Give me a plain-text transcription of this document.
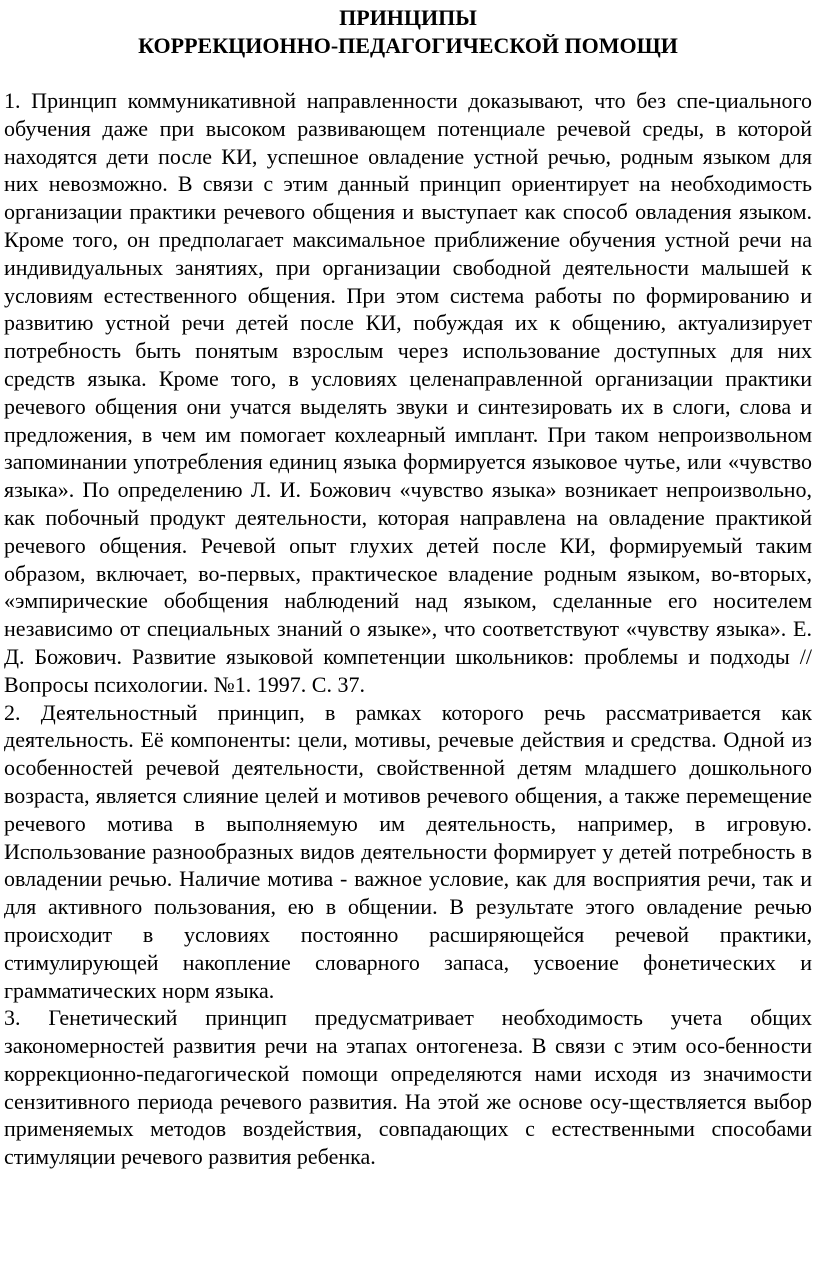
ПРИНЦИПЫ
КОРРЕКЦИОННО-ПЕДАГОГИЧЕСКОЙ ПОМОЩИ

1. Принцип коммуникативной направленности доказывают, что без спе-циального обучения даже при высоком развивающем потенциале речевой среды, в которой находятся дети после КИ, успешное овладение устной речью, родным языком для них невозможно. В связи с этим данный принцип ориентирует на необходимость организации практики речевого общения и выступает как способ овладения языком. Кроме того, он предполагает максимальное приближение обучения устной речи на индивидуальных занятиях, при организации свободной деятельности малышей к условиям естественного общения. При этом система работы по формированию и развитию устной речи детей после КИ, побуждая их к общению, актуализирует потребность быть понятым взрослым через использование доступных для них средств языка. Кроме того, в условиях целенаправленной организации практики речевого общения они учатся выделять звуки и синтезировать их в слоги, слова и предложения, в чем им помогает кохлеарный имплант. При таком непроизвольном запоминании употребления единиц языка формируется языковое чутье, или «чувство языка». По определению Л. И. Божович «чувство языка» возникает непроизвольно, как побочный продукт деятельности, которая направлена на овладение практикой речевого общения. Речевой опыт глухих детей после КИ, формируемый таким образом, включает, во-первых, практическое владение родным языком, во-вторых, «эмпирические обобщения наблюдений над языком, сделанные его носителем независимо от специальных знаний о языке», что соответствуют «чувству языка». Е. Д. Божович. Развитие языковой компетенции школьников: проблемы и подходы //Вопросы психологии. №1. 1997. С. 37.

2. Деятельностный принцип, в рамках которого речь рассматривается как деятельность. Её компоненты: цели, мотивы, речевые действия и средства. Одной из особенностей речевой деятельности, свойственной детям младшего дошкольного возраста, является слияние целей и мотивов речевого общения, а также перемещение речевого мотива в выполняемую им деятельность, например, в игровую. Использование разнообразных видов деятельности формирует у детей потребность в овладении речью. Наличие мотива - важное условие, как для восприятия речи, так и для активного пользования, ею в общении. В результате этого овладение речью происходит в условиях постоянно расширяющейся речевой практики, стимулирующей накопление словарного запаса, усвоение фонетических и грамматических норм языка.

3. Генетический принцип предусматривает необходимость учета общих закономерностей развития речи на этапах онтогенеза. В связи с этим осо-бенности коррекционно-педагогической помощи определяются нами исходя из значимости сензитивного периода речевого развития. На этой же основе осу-ществляется выбор применяемых методов воздействия, совпадающих с естественными способами стимуляции речевого развития ребенка.
